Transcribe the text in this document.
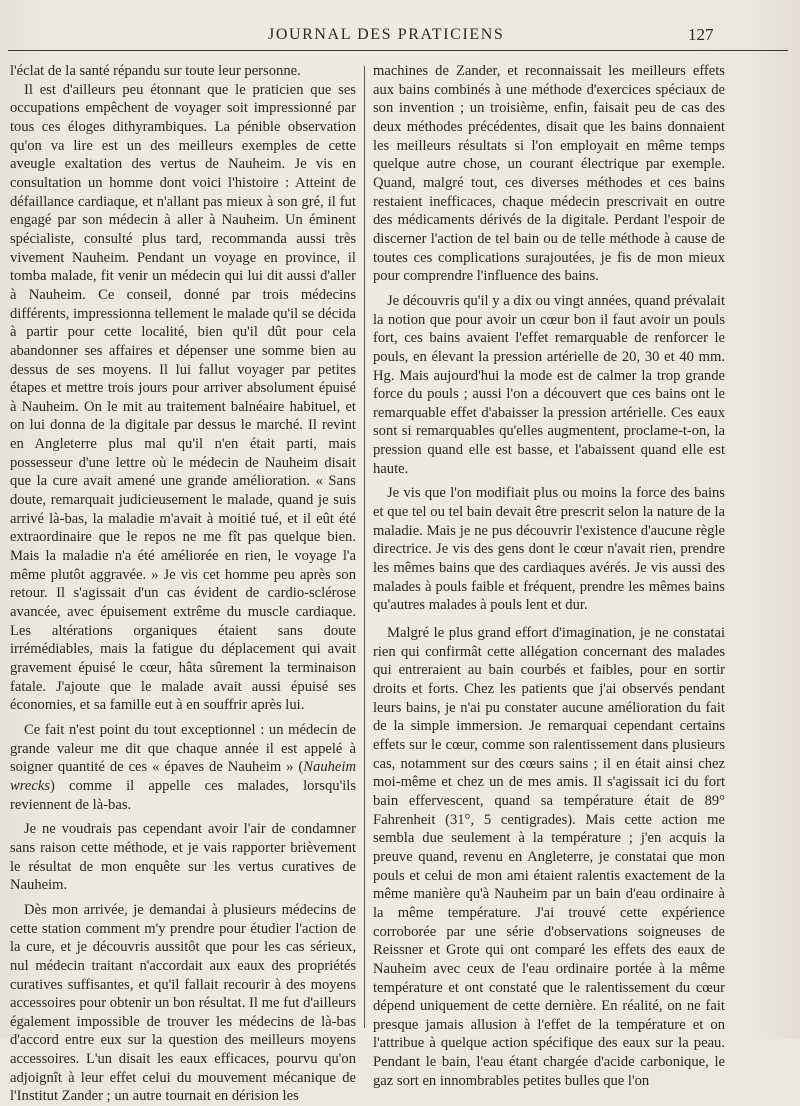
JOURNAL DES PRATICIENS	127

l'éclat de la santé répandu sur toute leur personne.

Il est d'ailleurs peu étonnant que le praticien que ses occupations empêchent de voyager soit impressionné par tous ces éloges dithyrambiques. La pénible observation qu'on va lire est un des meilleurs exemples de cette aveugle exaltation des vertus de Nauheim. Je vis en consultation un homme dont voici l'histoire : Atteint de défaillance cardiaque, et n'allant pas mieux à son gré, il fut engagé par son médecin à aller à Nauheim. Un éminent spécialiste, consulté plus tard, recommanda aussi très vivement Nauheim. Pendant un voyage en province, il tomba malade, fit venir un médecin qui lui dit aussi d'aller à Nauheim. Ce conseil, donné par trois médecins différents, impressionna tellement le malade qu'il se décida à partir pour cette localité, bien qu'il dût pour cela abandonner ses affaires et dépenser une somme bien au dessus de ses moyens. Il lui fallut voyager par petites étapes et mettre trois jours pour arriver absolument épuisé à Nauheim. On le mit au traitement balnéaire habituel, et on lui donna de la digitale par dessus le marché. Il revint en Angleterre plus mal qu'il n'en était parti, mais possesseur d'une lettre où le médecin de Nauheim disait que la cure avait amené une grande amélioration. « Sans doute, remarquait judicieusement le malade, quand je suis arrivé là-bas, la maladie m'avait à moitié tué, et il eût été extraordinaire que le repos ne me fît pas quelque bien. Mais la maladie n'a été améliorée en rien, le voyage l'a même plutôt aggravée. » Je vis cet homme peu après son retour. Il s'agissait d'un cas évident de cardio-sclérose avancée, avec épuisement extrême du muscle cardiaque. Les altérations organiques étaient sans doute irrémédiables, mais la fatigue du déplacement qui avait gravement épuisé le cœur, hâta sûrement la terminaison fatale. J'ajoute que le malade avait aussi épuisé ses économies, et sa famille eut à en souffrir après lui.

Ce fait n'est point du tout exceptionnel : un médecin de grande valeur me dit que chaque année il est appelé à soigner quantité de ces « épaves de Nauheim » (Nauheim wrecks) comme il appelle ces malades, lorsqu'ils reviennent de là-bas.

Je ne voudrais pas cependant avoir l'air de condamner sans raison cette méthode, et je vais rapporter brièvement le résultat de mon enquête sur les vertus curatives de Nauheim.

Dès mon arrivée, je demandai à plusieurs médecins de cette station comment m'y prendre pour étudier l'action de la cure, et je découvris aussitôt que pour les cas sérieux, nul médecin traitant n'accordait aux eaux des propriétés curatives suffisantes, et qu'il fallait recourir à des moyens accessoires pour obtenir un bon résultat. Il me fut d'ailleurs également impossible de trouver les médecins de là-bas d'accord entre eux sur la question des meilleurs moyens accessoires. L'un disait les eaux efficaces, pourvu qu'on adjoignît à leur effet celui du mouvement mécanique de l'Institut Zander ; un autre tournait en dérision les

machines de Zander, et reconnaissait les meilleurs effets aux bains combinés à une méthode d'exercices spéciaux de son invention ; un troisième, enfin, faisait peu de cas des deux méthodes précédentes, disait que les bains donnaient les meilleurs résultats si l'on employait en même temps quelque autre chose, un courant électrique par exemple. Quand, malgré tout, ces diverses méthodes et ces bains restaient inefficaces, chaque médecin prescrivait en outre des médicaments dérivés de la digitale. Perdant l'espoir de discerner l'action de tel bain ou de telle méthode à cause de toutes ces complications surajoutées, je fis de mon mieux pour comprendre l'influence des bains.

Je découvris qu'il y a dix ou vingt années, quand prévalait la notion que pour avoir un cœur bon il faut avoir un pouls fort, ces bains avaient l'effet remarquable de renforcer le pouls, en élevant la pression artérielle de 20, 30 et 40 mm. Hg. Mais aujourd'hui la mode est de calmer la trop grande force du pouls ; aussi l'on a découvert que ces bains ont le remarquable effet d'abaisser la pression artérielle. Ces eaux sont si remarquables qu'elles augmentent, proclame-t-on, la pression quand elle est basse, et l'abaissent quand elle est haute.

Je vis que l'on modifiait plus ou moins la force des bains et que tel ou tel bain devait être prescrit selon la nature de la maladie. Mais je ne pus découvrir l'existence d'aucune règle directrice. Je vis des gens dont le cœur n'avait rien, prendre les mêmes bains que des cardiaques avérés. Je vis aussi des malades à pouls faible et fréquent, prendre les mêmes bains qu'autres malades à pouls lent et dur.

Malgré le plus grand effort d'imagination, je ne constatai rien qui confirmât cette allégation concernant des malades qui entreraient au bain courbés et faibles, pour en sortir droits et forts. Chez les patients que j'ai observés pendant leurs bains, je n'ai pu constater aucune amélioration du fait de la simple immersion. Je remarquai cependant certains effets sur le cœur, comme son ralentissement dans plusieurs cas, notamment sur des cœurs sains ; il en était ainsi chez moi-même et chez un de mes amis. Il s'agissait ici du fort bain effervescent, quand sa température était de 89° Fahrenheit (31°, 5 centigrades). Mais cette action me sembla due seulement à la température ; j'en acquis la preuve quand, revenu en Angleterre, je constatai que mon pouls et celui de mon ami étaient ralentis exactement de la même manière qu'à Nauheim par un bain d'eau ordinaire à la même température. J'ai trouvé cette expérience corroborée par une série d'observations soigneuses de Reissner et Grote qui ont comparé les effets des eaux de Nauheim avec ceux de l'eau ordinaire portée à la même température et ont constaté que le ralentissement du cœur dépend uniquement de cette dernière. En réalité, on ne fait presque jamais allusion à l'effet de la température et on l'attribue à quelque action spécifique des eaux sur la peau. Pendant le bain, l'eau étant chargée d'acide carbonique, le gaz sort en innombrables petites bulles que l'on
